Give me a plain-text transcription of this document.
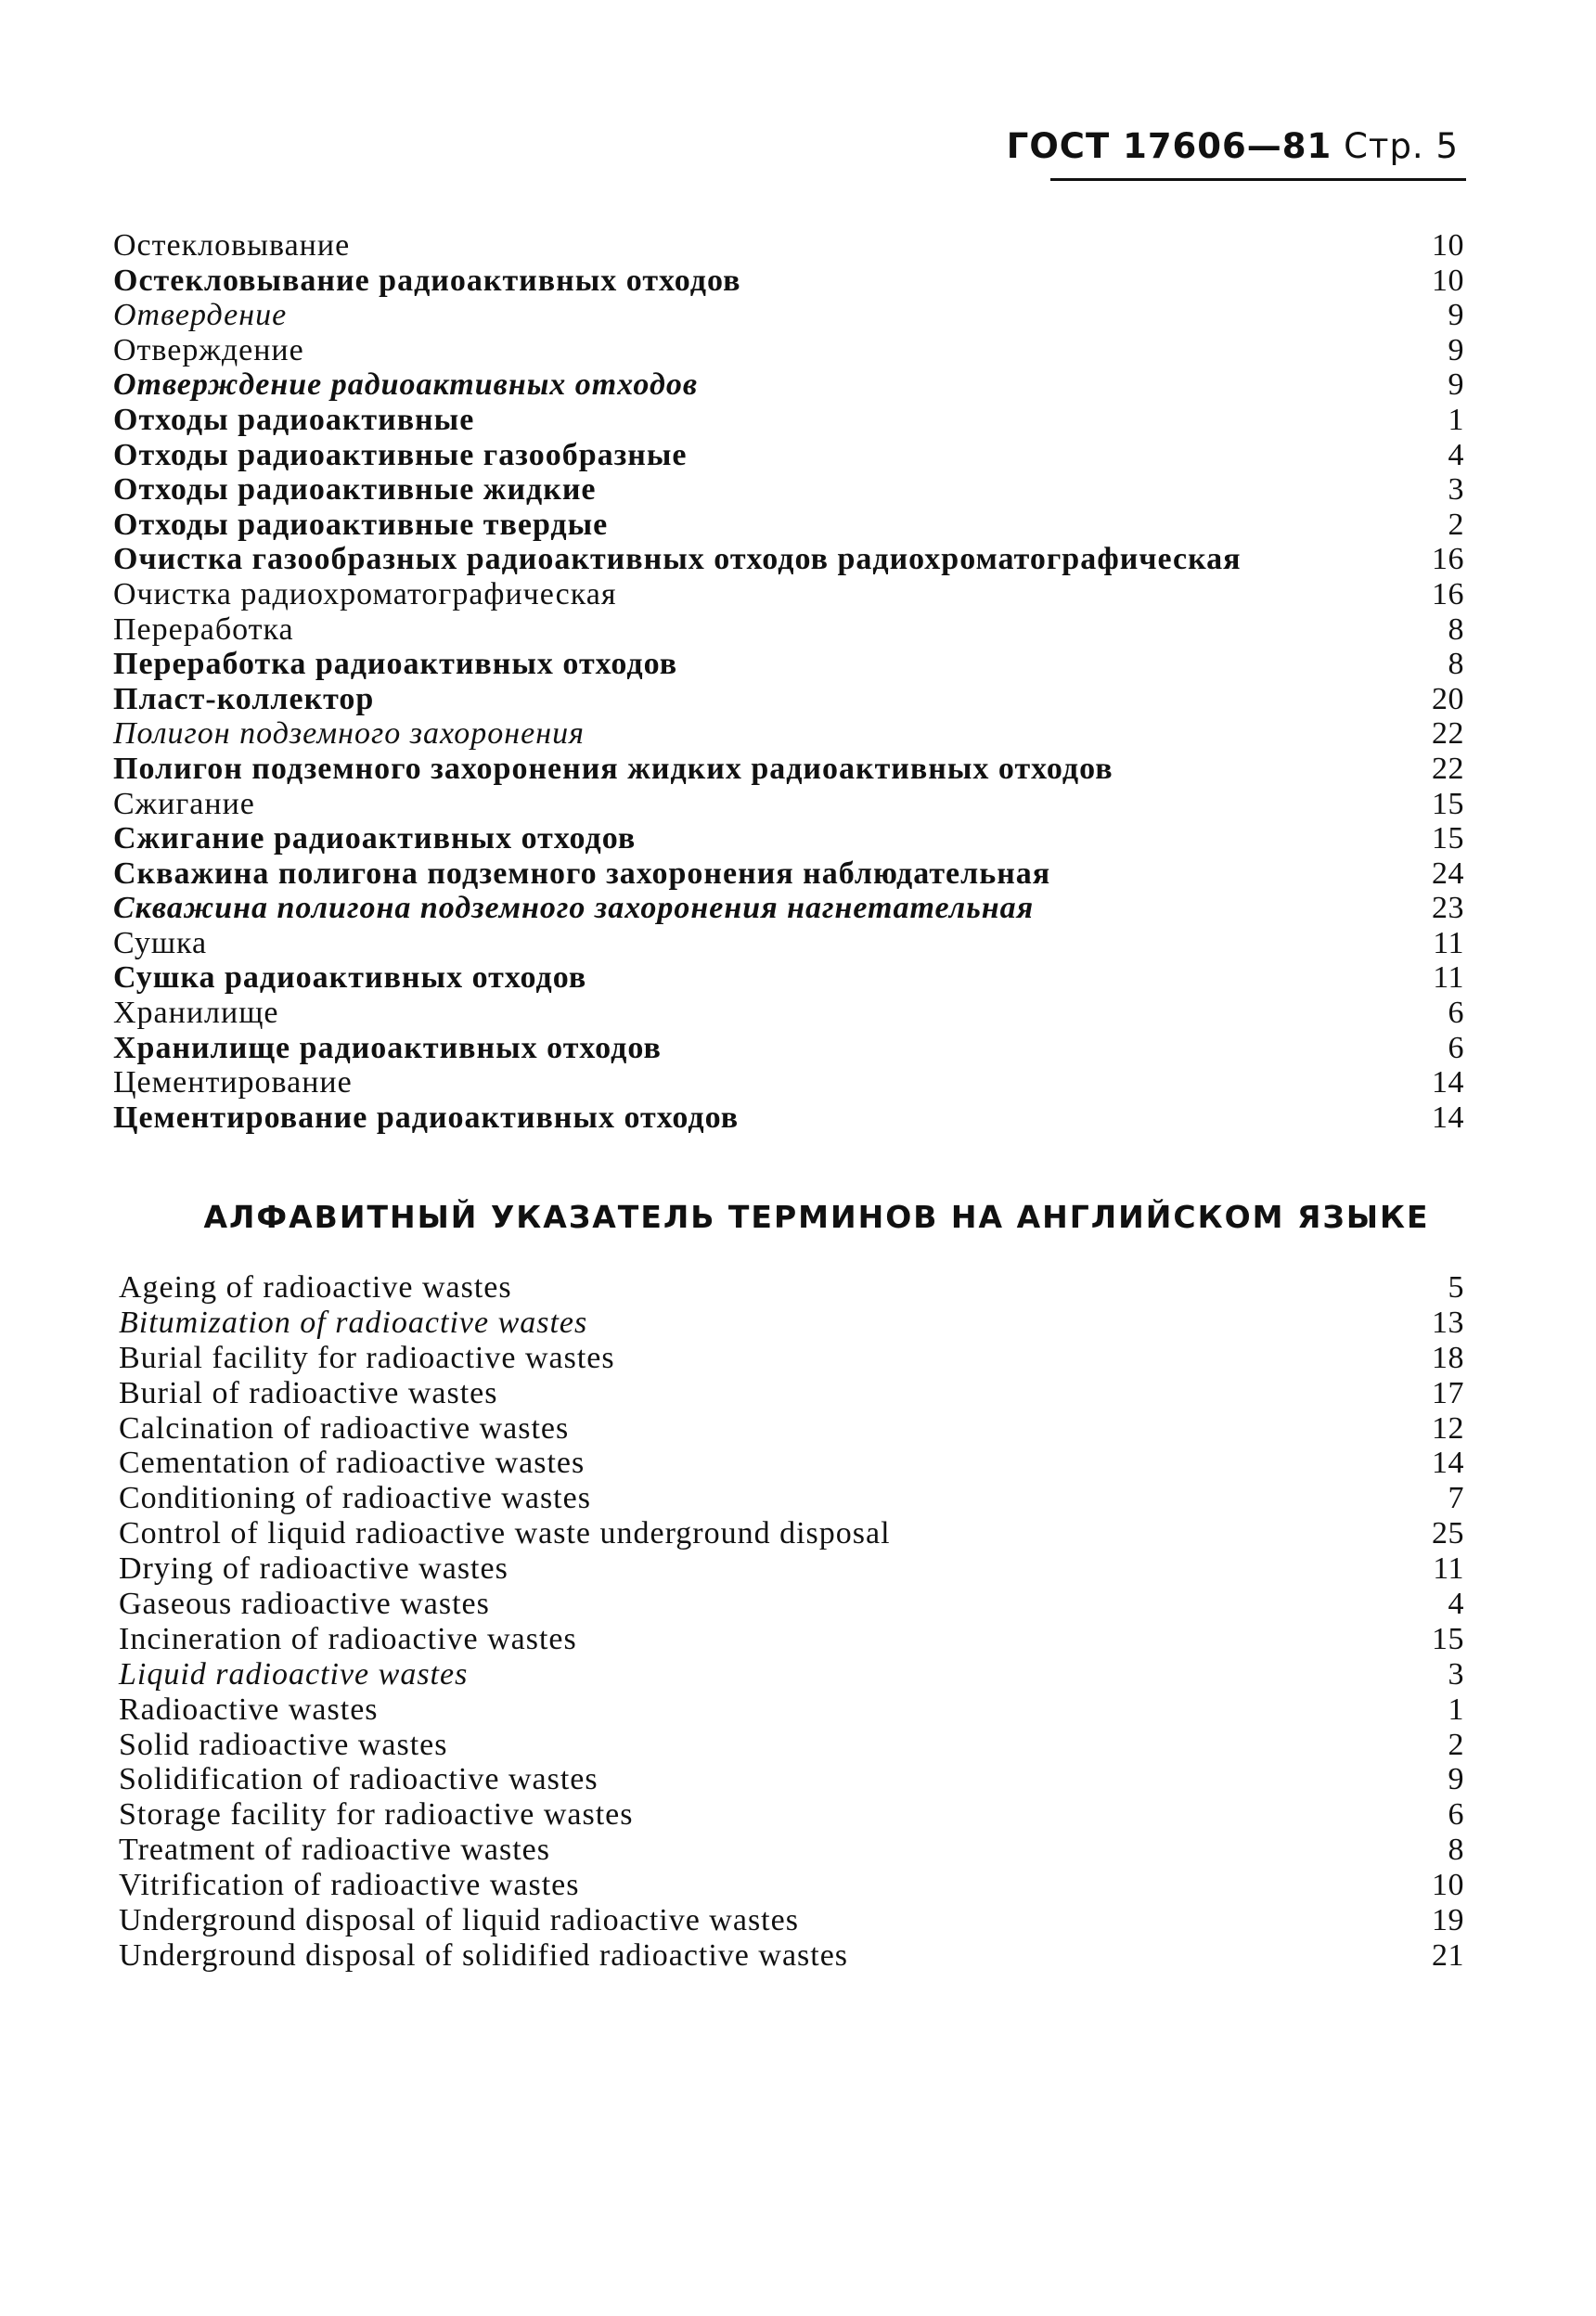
ГОСТ 17606—81 Стр. 5
Остекловывание	10
Остекловывание радиоактивных отходов	10
Отвердение	9
Отверждение	9
Отверждение радиоактивных отходов	9
Отходы радиоактивные	1
Отходы радиоактивные газообразные	4
Отходы радиоактивные жидкие	3
Отходы радиоактивные твердые	2
Очистка газообразных радиоактивных отходов радиохроматографическая	16
Очистка радиохроматографическая	16
Переработка	8
Переработка радиоактивных отходов	8
Пласт-коллектор	20
Полигон подземного захоронения	22
Полигон подземного захоронения жидких радиоактивных отходов	22
Сжигание	15
Сжигание радиоактивных отходов	15
Скважина полигона подземного захоронения наблюдательная	24
Скважина полигона подземного захоронения нагнетательная	23
Сушка	11
Сушка радиоактивных отходов	11
Хранилище	6
Хранилище радиоактивных отходов	6
Цементирование	14
Цементирование радиоактивных отходов	14
АЛФАВИТНЫЙ УКАЗАТЕЛЬ ТЕРМИНОВ НА АНГЛИЙСКОМ ЯЗЫКЕ
Ageing of radioactive wastes	5
Bitumization of radioactive wastes	13
Burial facility for radioactive wastes	18
Burial of radioactive wastes	17
Calcination of radioactive wastes	12
Cementation of radioactive wastes	14
Conditioning of radioactive wastes	7
Control of liquid radioactive waste underground disposal	25
Drying of radioactive wastes	11
Gaseous radioactive wastes	4
Incineration of radioactive wastes	15
Liquid radioactive wastes	3
Radioactive wastes	1
Solid radioactive wastes	2
Solidification of radioactive wastes	9
Storage facility for radioactive wastes	6
Treatment of radioactive wastes	8
Vitrification of radioactive wastes	10
Underground disposal of liquid radioactive wastes	19
Underground disposal of solidified radioactive wastes	21
